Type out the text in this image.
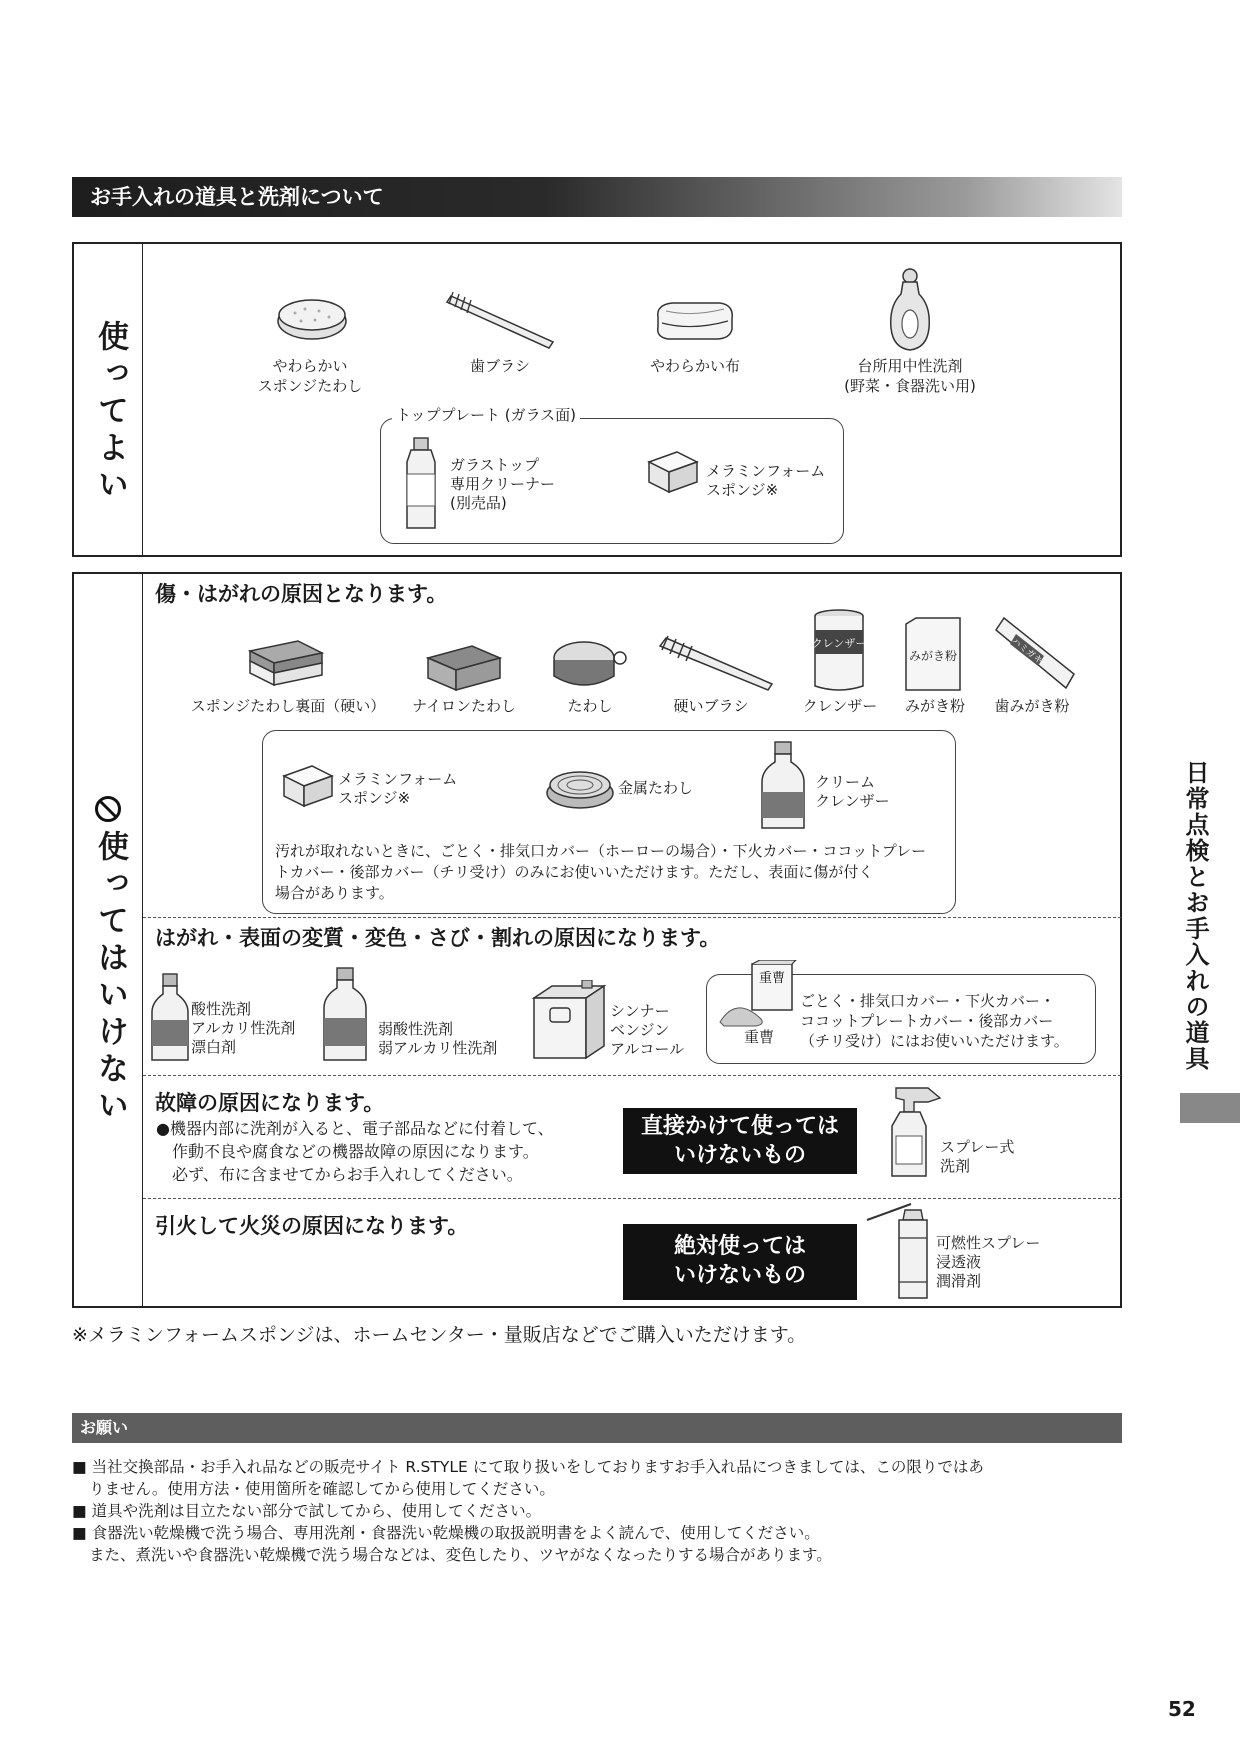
お手入れの道具と洗剤について
使ってよい	やわらかい
スポンジたわし
歯ブラシ	やわらかい布	台所用中性洗剤
(野菜・食器洗い用)
トッププレート (ガラス面)
ガラストップ
専用クリーナー
(別売品)
メラミンフォーム
スポンジ※
使ってはいけない
傷・はがれの原因となります。
クレンザー
みがき粉	ハミガキ
スポンジたわし裏面（硬い）	ナイロンたわし	たわし	硬いブラシ	クレンザー	みがき粉	歯みがき粉
メラミンフォーム
スポンジ※
金属たわし	クリーム
クレンザー
汚れが取れないときに、ごとく・排気口カバー（ホーローの場合）・下火カバー・ココットプレー
トカバー・後部カバー（チリ受け）のみにお使いいただけます。ただし、表面に傷が付く
場合があります。
はがれ・表面の変質・変色・さび・割れの原因になります。
酸性洗剤
アルカリ性洗剤
漂白剤
弱酸性洗剤
弱アルカリ性洗剤
シンナー
ベンジン
アルコール
重曹
重曹
ごとく・排気口カバー・下火カバー・
ココットプレートカバー・後部カバー
（チリ受け）にはお使いいただけます。
故障の原因になります。
●機器内部に洗剤が入ると、電子部品などに付着して、
作動不良や腐食などの機器故障の原因になります。
必ず、布に含ませてからお手入れしてください。
直接かけて使っては
いけないもの	スプレー式
洗剤
引火して火災の原因になります。
絶対使っては
いけないもの
可燃性スプレー
浸透液
潤滑剤
※メラミンフォームスポンジは、ホームセンター・量販店などでご購入いただけます。
お願い
■ 当社交換部品・お手入れ品などの販売サイト R.STYLE にて取り扱いをしておりますお手入れ品につきましては、この限りではあ
りません。使用方法・使用箇所を確認してから使用してください。
■ 道具や洗剤は目立たない部分で試してから、使用してください。
■ 食器洗い乾燥機で洗う場合、専用洗剤・食器洗い乾燥機の取扱説明書をよく読んで、使用してください。
また、煮洗いや食器洗い乾燥機で洗う場合などは、変色したり、ツヤがなくなったりする場合があります。
日常点検とお手入れの道具
52
